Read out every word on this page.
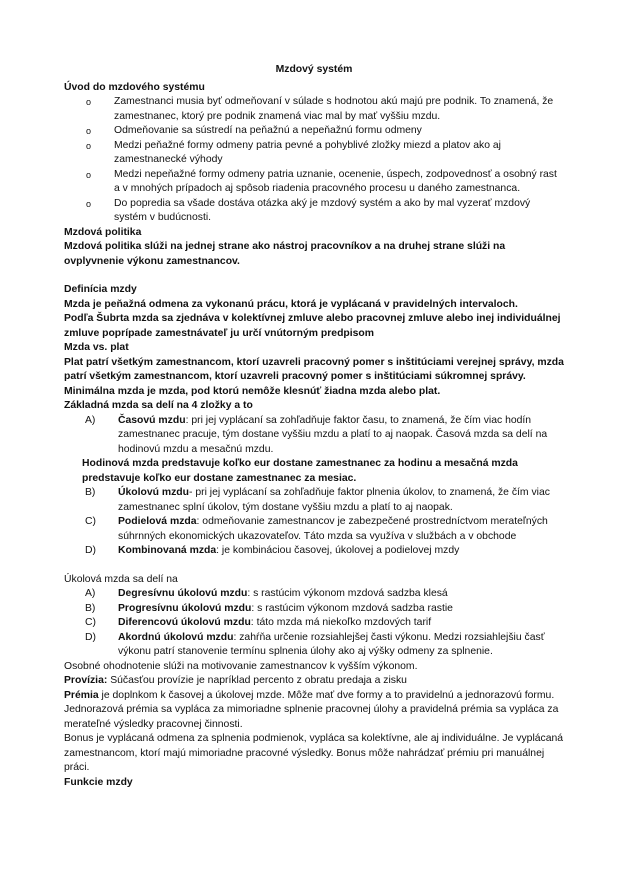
Mzdový systém

Úvod do mzdového systému

o Zamestnanci musia byť odmeňovaní v súlade s hodnotou akú majú pre podnik. To znamená, že zamestnanec, ktorý pre podnik znamená viac mal by mať vyššiu mzdu.
o Odmeňovanie sa sústredí na peňažnú a nepeňažnú formu odmeny
o Medzi peňažné formy odmeny patria pevné a pohyblivé zložky miezd a platov ako aj zamestnanecké výhody
o Medzi nepeňažné formy odmeny patria uznanie, ocenenie, úspech, zodpovednosť a osobný rast a v mnohých prípadoch aj spôsob riadenia pracovného procesu u daného zamestnanca.
o Do popredia sa všade dostáva otázka aký je mzdový systém a ako by mal vyzerať mzdový systém v budúcnosti.

Mzdová politika

Mzdová politika slúži na jednej strane ako nástroj pracovníkov a na druhej strane slúži na ovplyvnenie výkonu zamestnancov.

Definícia mzdy

Mzda je peňažná odmena za vykonanú prácu, ktorá je vyplácaná v pravidelných intervaloch.

Podľa Šubrta mzda sa zjednáva v kolektívnej zmluve alebo pracovnej zmluve alebo inej individuálnej zmluve poprípade zamestnávateľ ju určí vnútorným predpisom

Mzda vs. plat

Plat patrí všetkým zamestnancom, ktorí uzavreli pracovný pomer s inštitúciami verejnej správy, mzda patrí všetkým zamestnancom, ktorí uzavreli pracovný pomer s inštitúciami súkromnej správy.

Minimálna mzda je mzda, pod ktorú nemôže klesnúť žiadna mzda alebo plat.

Základná mzda sa delí na 4 zložky a to

A) Časovú mzdu: pri jej vyplácaní sa zohľadňuje faktor času, to znamená, že čím viac hodín zamestnanec pracuje, tým dostane vyššiu mzdu a platí to aj naopak. Časová mzda sa delí na hodinovú mzdu a mesačnú mzdu.

Hodinová mzda predstavuje koľko eur dostane zamestnanec za hodinu a mesačná mzda predstavuje koľko eur dostane zamestnanec za mesiac.

B) Úkolovú mzdu- pri jej vyplácaní sa zohľadňuje faktor plnenia úkolov, to znamená, že čím viac zamestnanec splní úkolov, tým dostane vyššiu mzdu a platí to aj naopak.
C) Podielová mzda: odmeňovanie zamestnancov je zabezpečené prostredníctvom merateľných súhrnných ekonomických ukazovateľov. Táto mzda sa využíva v službách a v obchode
D) Kombinovaná mzda: je kombináciou časovej, úkolovej a podielovej mzdy

Úkolová mzda sa delí na

A) Degresívnu úkolovú mzdu: s rastúcim výkonom mzdová sadzba klesá
B) Progresívnu úkolovú mzdu: s rastúcim výkonom mzdová sadzba rastie
C) Diferencovú úkolovú mzdu: táto mzda má niekoľko mzdových tarif
D) Akordnú úkolovú mzdu: zahŕňa určenie rozsiahlejšej časti výkonu. Medzi rozsiahlejšiu časť výkonu patrí stanovenie termínu splnenia úlohy ako aj výšky odmeny za splnenie.

Osobné ohodnotenie slúži na motivovanie zamestnancov k vyšším výkonom.

Provízia: Súčasťou provízie je napríklad percento z obratu predaja a zisku

Prémia je doplnkom k časovej a úkolovej mzde. Môže mať dve formy a to pravidelnú a jednorazovú formu. Jednorazová prémia sa vypláca za mimoriadne splnenie pracovnej úlohy a pravidelná prémia sa vypláca za merateľné výsledky pracovnej činnosti.

Bonus je vyplácaná odmena za splnenia podmienok, vypláca sa kolektívne, ale aj individuálne. Je vyplácaná zamestnancom, ktorí majú mimoriadne pracovné výsledky. Bonus môže nahrádzať prémiu pri manuálnej práci.

Funkcie mzdy
